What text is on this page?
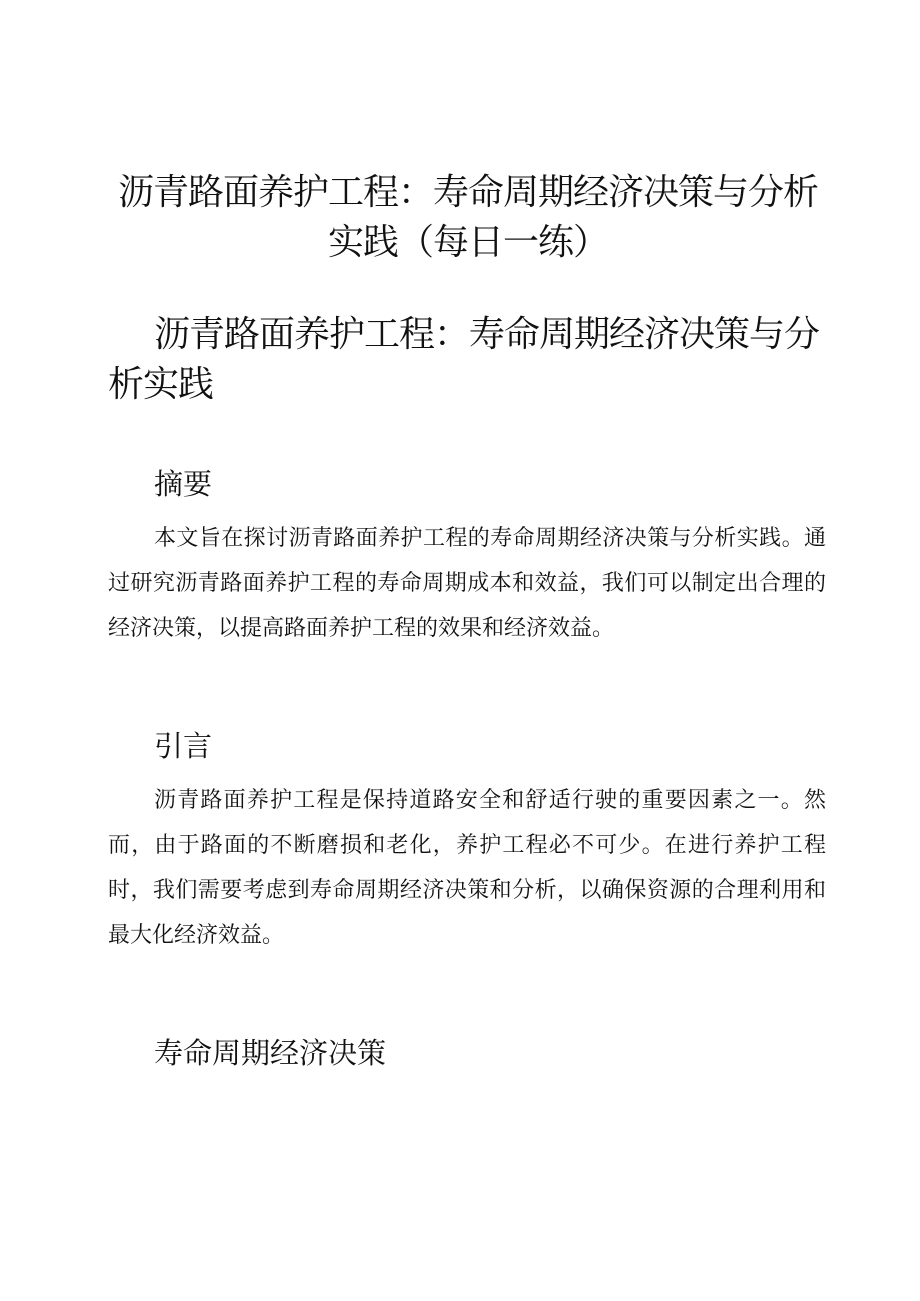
沥青路面养护工程：寿命周期经济决策与分析实践（每日一练）
沥青路面养护工程：寿命周期经济决策与分析实践
摘要

本文旨在探讨沥青路面养护工程的寿命周期经济决策与分析实践。通过研究沥青路面养护工程的寿命周期成本和效益，我们可以制定出合理的经济决策，以提高路面养护工程的效果和经济效益。

引言

沥青路面养护工程是保持道路安全和舒适行驶的重要因素之一。然而，由于路面的不断磨损和老化，养护工程必不可少。在进行养护工程时，我们需要考虑到寿命周期经济决策和分析，以确保资源的合理利用和最大化经济效益。

寿命周期经济决策
